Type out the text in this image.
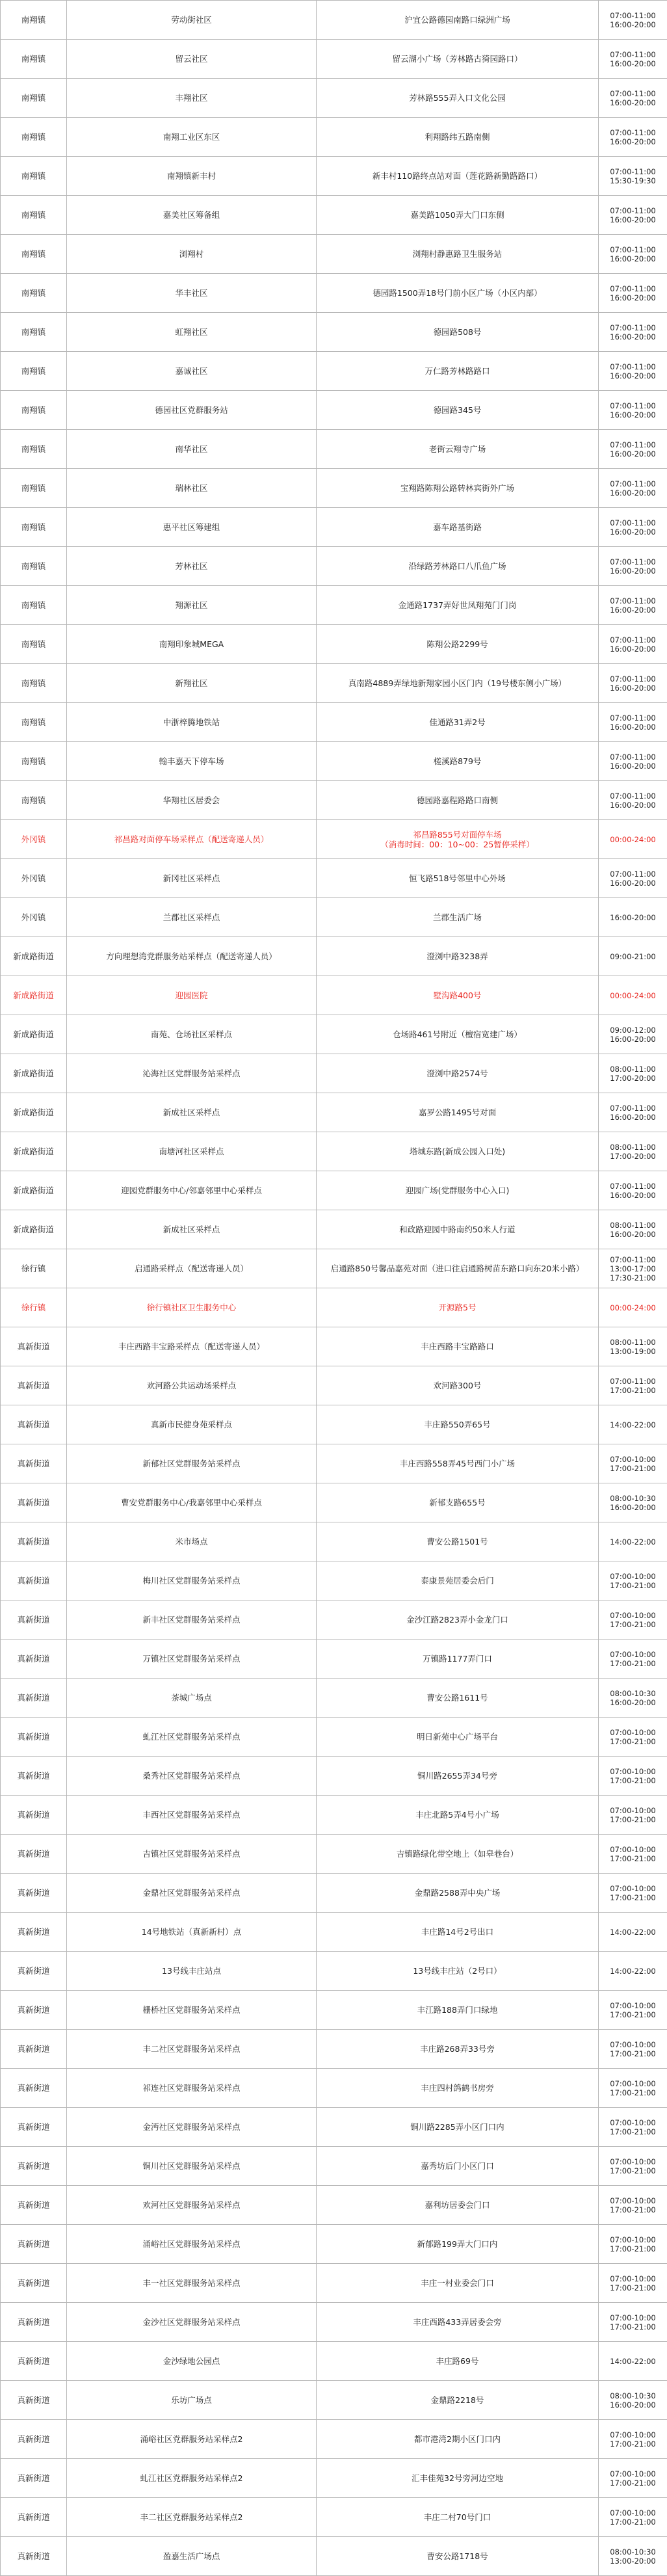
南翔镇	劳动街社区	沪宜公路德园南路口绿洲广场	07:00-11:00
16:00-20:00

南翔镇	留云社区	留云湖小广场（芳林路古猗园路口）	07:00-11:00
16:00-20:00

南翔镇	丰翔社区	芳林路555弄入口文化公园	07:00-11:00
16:00-20:00

南翔镇	南翔工业区东区	利翔路纬五路南侧	07:00-11:00
16:00-20:00

南翔镇	南翔镇新丰村	新丰村110路终点站对面（莲花路新勤路路口）	07:00-11:00
15:30-19:30

南翔镇	嘉美社区筹备组	嘉美路1050弄大门口东侧	07:00-11:00
16:00-20:00

南翔镇	浏翔村	浏翔村静惠路卫生服务站	07:00-11:00
16:00-20:00

南翔镇	华丰社区	德园路1500弄18号门前小区广场（小区内部）	07:00-11:00
16:00-20:00

南翔镇	虹翔社区	德园路508号	07:00-11:00
16:00-20:00

南翔镇	嘉诚社区	万仁路芳林路路口	07:00-11:00
16:00-20:00

南翔镇	德园社区党群服务站	德园路345号	07:00-11:00
16:00-20:00

南翔镇	南华社区	老街云翔寺广场	07:00-11:00
16:00-20:00

南翔镇	瑞林社区	宝翔路陈翔公路转林宾街外广场	07:00-11:00
16:00-20:00

南翔镇	惠平社区筹建组	嘉车路基街路	07:00-11:00
16:00-20:00

南翔镇	芳林社区	沿绿路芳林路口八爪鱼广场	07:00-11:00
16:00-20:00

南翔镇	翔源社区	金通路1737弄好世凤翔苑门门岗	07:00-11:00
16:00-20:00

南翔镇	南翔印象城MEGA	陈翔公路2299号	07:00-11:00
16:00-20:00

南翔镇	新翔社区	真南路4889弄绿地新翔家园小区门内（19号楼东侧小广场）	07:00-11:00
16:00-20:00

南翔镇	中浙梓腾地铁站	佳通路31弄2号	07:00-11:00
16:00-20:00

南翔镇	翰丰嘉天下停车场	槎溪路879号	07:00-11:00
16:00-20:00

南翔镇	华翔社区居委会	德园路嘉程路路口南侧	07:00-11:00
16:00-20:00

外冈镇	祁昌路对面停车场采样点（配送寄递人员）	祁昌路855号对面停车场
（消毒时间：00：10~00：25暂停采样）	00:00-24:00

外冈镇	新冈社区采样点	恒飞路518号邻里中心外场	07:00-11:00
16:00-20:00

外冈镇	兰郡社区采样点	兰郡生活广场	16:00-20:00

新成路街道	方向理想湾党群服务站采样点（配送寄递人员）	澄浏中路3238弄	09:00-21:00

新成路街道	迎园医院	墅沟路400号	00:00-24:00

新成路街道	南苑、仓场社区采样点	仓场路461号附近（檀宿宽建广场）	09:00-12:00
16:00-20:00

新成路街道	沁海社区党群服务站采样点	澄浏中路2574号	08:00-11:00
17:00-20:00

新成路街道	新成社区采样点	嘉罗公路1495号对面	07:00-11:00
16:00-20:00

新成路街道	南塘河社区采样点	塔城东路(新成公园入口处)	08:00-11:00
17:00-20:00

新成路街道	迎园党群服务中心/邻嘉邻里中心采样点	迎园广场(党群服务中心入口)	07:00-11:00
16:00-20:00

新成路街道	新成社区采样点	和政路迎园中路南约50米人行道	08:00-11:00
16:00-20:00

徐行镇	启通路采样点（配送寄递人员）	启通路850号馨品嘉苑对面（进口往启通路树苗东路口向东20米小路）	07:00-11:00
13:00-17:00
17:30-21:00

徐行镇	徐行镇社区卫生服务中心	开源路5号	00:00-24:00

真新街道	丰庄西路丰宝路采样点（配送寄递人员）	丰庄西路丰宝路路口	08:00-11:00
13:00-19:00

真新街道	欢河路公共运动场采样点	欢河路300号	07:00-11:00
17:00-21:00

真新街道	真新市民健身苑采样点	丰庄路550弄65号	14:00-22:00

真新街道	新郁社区党群服务站采样点	丰庄西路558弄45号西门小广场	07:00-10:00
17:00-21:00

真新街道	曹安党群服务中心/我嘉邻里中心采样点	新郁支路655号	08:00-10:30
16:00-20:00

真新街道	米市场点	曹安公路1501号	14:00-22:00

真新街道	梅川社区党群服务站采样点	泰康景苑居委会后门	07:00-10:00
17:00-21:00

真新街道	新丰社区党群服务站采样点	金沙江路2823弄小金龙门口	07:00-10:00
17:00-21:00

真新街道	万镇社区党群服务站采样点	万镇路1177弄门口	07:00-10:00
17:00-21:00

真新街道	茶城广场点	曹安公路1611号	08:00-10:30
16:00-20:00

真新街道	虬江社区党群服务站采样点	明日新苑中心广场平台	07:00-10:00
17:00-21:00

真新街道	桑秀社区党群服务站采样点	铜川路2655弄34号旁	07:00-10:00
17:00-21:00

真新街道	丰西社区党群服务站采样点	丰庄北路5弄4号小广场	07:00-10:00
17:00-21:00

真新街道	吉镇社区党群服务站采样点	吉镇路绿化带空地上（如皋巷台）	07:00-10:00
17:00-21:00

真新街道	金鼎社区党群服务站采样点	金鼎路2588弄中央广场	07:00-10:00
17:00-21:00

真新街道	14号地铁站（真新新村）点	丰庄路14号2号出口	14:00-22:00

真新街道	13号线丰庄站点	13号线丰庄站（2号口）	14:00-22:00

真新街道	栅桥社区党群服务站采样点	丰江路188弄门口绿地	07:00-10:00
17:00-21:00

真新街道	丰二社区党群服务站采样点	丰庄路268弄33号旁	07:00-10:00
17:00-21:00

真新街道	祁连社区党群服务站采样点	丰庄四村鸽鹤书房旁	07:00-10:00
17:00-21:00

真新街道	金沔社区党群服务站采样点	铜川路2285弄小区门口内	07:00-10:00
17:00-21:00

真新街道	铜川社区党群服务站采样点	嘉秀坊后门小区门口	07:00-10:00
17:00-21:00

真新街道	欢河社区党群服务站采样点	嘉利坊居委会门口	07:00-10:00
17:00-21:00

真新街道	涌峪社区党群服务站采样点	新郁路199弄大门口内	07:00-10:00
17:00-21:00

真新街道	丰一社区党群服务站采样点	丰庄一村业委会门口	07:00-10:00
17:00-21:00

真新街道	金沙社区党群服务站采样点	丰庄西路433弄居委会旁	07:00-10:00
17:00-21:00

真新街道	金沙绿地公园点	丰庄路69号	14:00-22:00

真新街道	乐坊广场点	金鼎路2218号	08:00-10:30
16:00-20:00

真新街道	涌峪社区党群服务站采样点2	都市港湾2期小区门口内	07:00-10:00
17:00-21:00

真新街道	虬江社区党群服务站采样点2	汇丰佳苑32号旁河边空地	07:00-10:00
17:00-21:00

真新街道	丰二社区党群服务站采样点2	丰庄二村70号门口	07:00-10:00
17:00-21:00

真新街道	盈嘉生活广场点	曹安公路1718号	08:00-10:30
13:00-20:00
